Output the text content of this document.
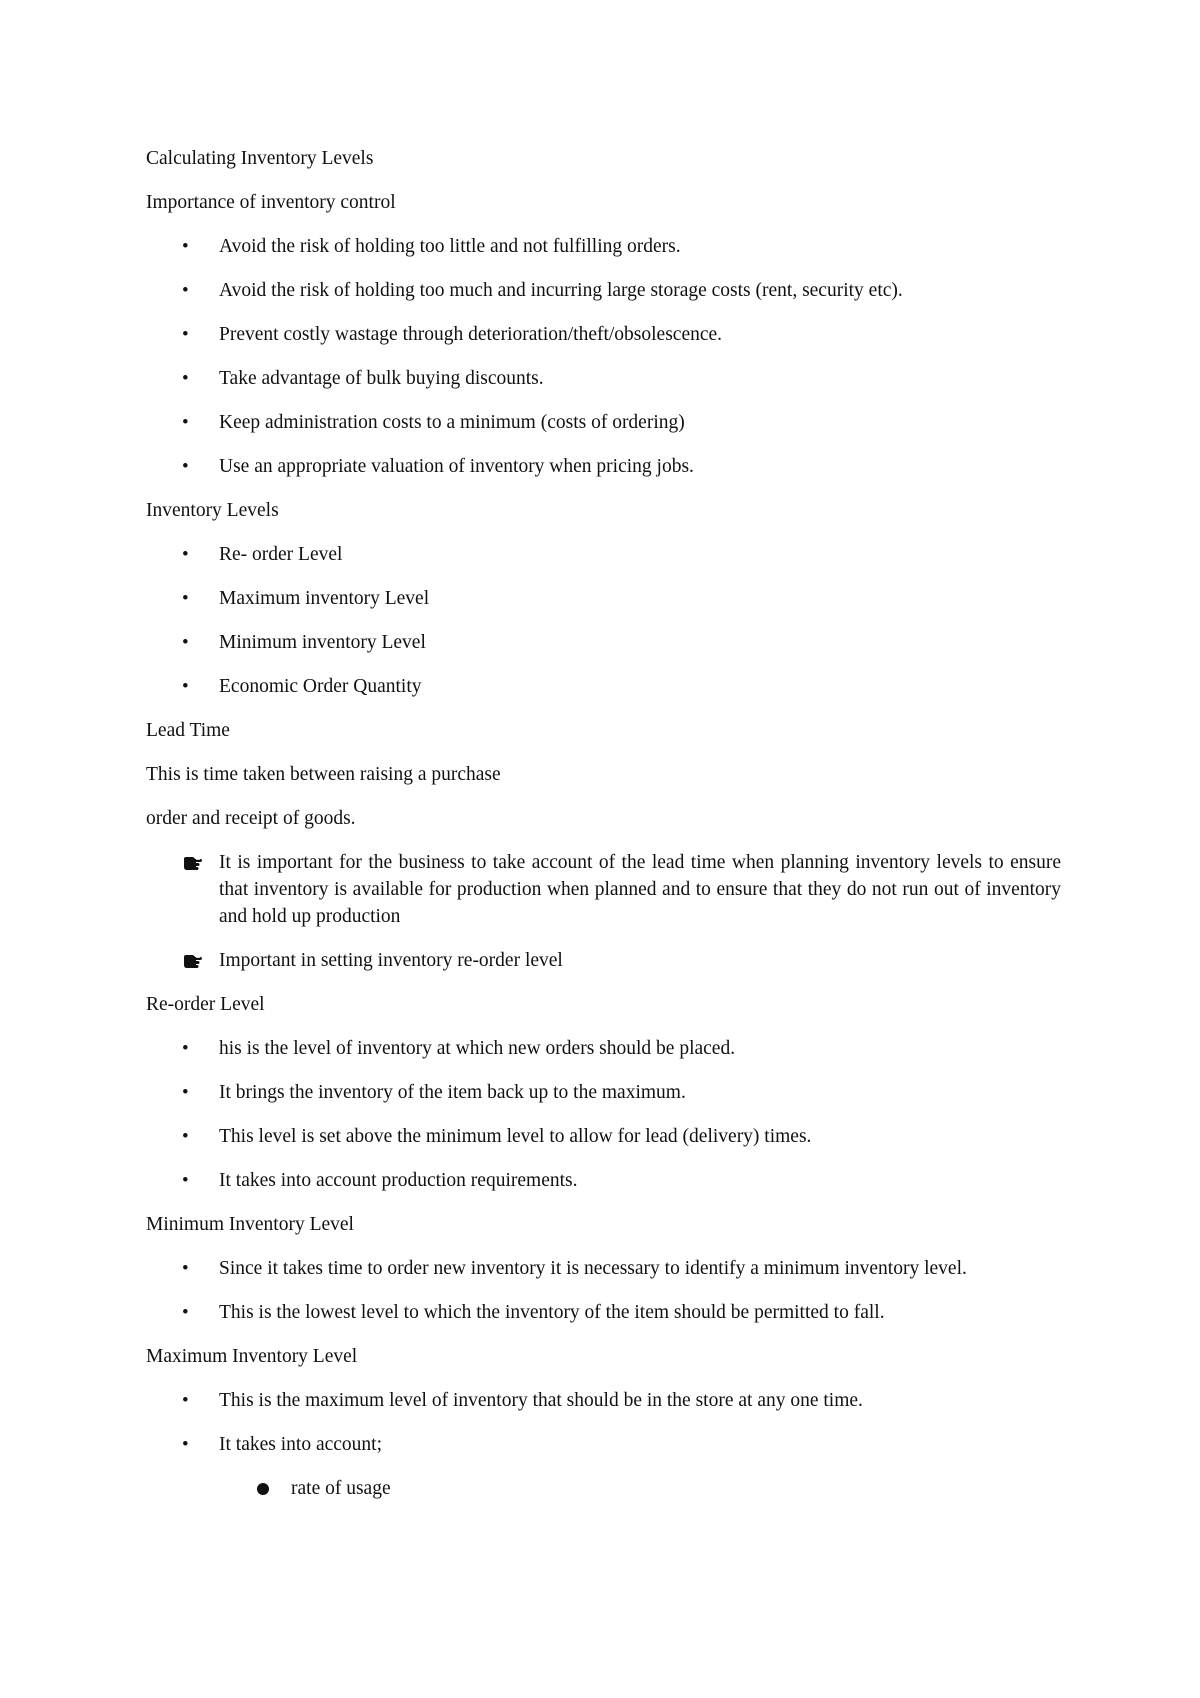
Calculating Inventory Levels

Importance of inventory control

•
Avoid the risk of holding too little and not fulfilling orders.
•
Avoid the risk of holding too much and incurring large storage costs (rent, security etc).
•
Prevent costly wastage through deterioration/theft/obsolescence.
•
Take advantage of bulk buying discounts.
•
Keep administration costs to a minimum (costs of ordering)
•
Use an appropriate valuation of inventory when pricing jobs.

Inventory Levels

•
Re- order Level
•
Maximum inventory Level
•
Minimum inventory Level
•
Economic Order Quantity

Lead Time

This is time taken between raising a purchase

order and receipt of goods.

It is important for the business to take account of the lead time when planning inventory levels to ensure that inventory is available for production when planned and to ensure that they do not run out of inventory and hold up production
Important in setting inventory re-order level

Re-order Level

•
his is the level of inventory at which new orders should be placed.
•
It brings the inventory of the item back up to the maximum.
•
This level is set above the minimum level to allow for lead (delivery) times.
•
It takes into account production requirements.

Minimum Inventory Level

•
Since it takes time to order new inventory it is necessary to identify a minimum inventory level.
•
This is the lowest level to which the inventory of the item should be permitted to fall.

Maximum Inventory Level

•
This is the maximum level of inventory that should be in the store at any one time.
•
It takes into account;
rate of usage
